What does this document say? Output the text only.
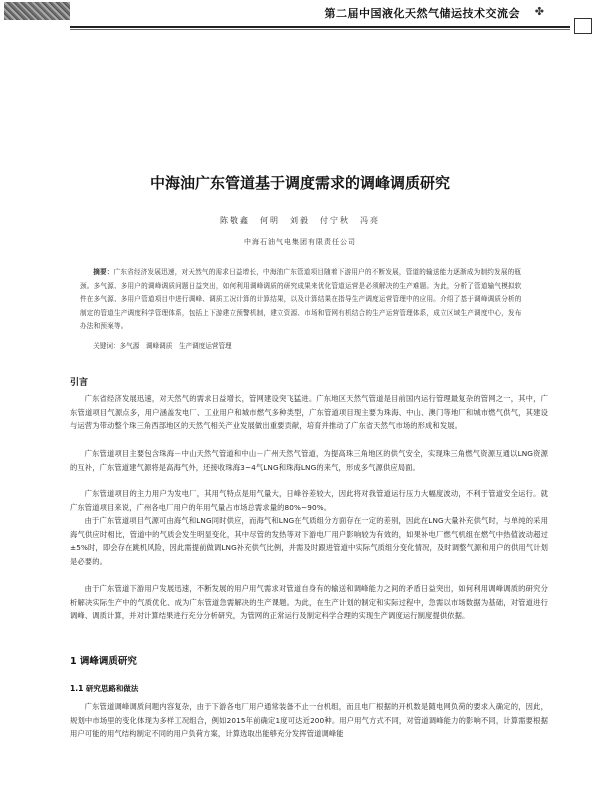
第二届中国液化天然气储运技术交流会 ✤
中海油广东管道基于调度需求的调峰调质研究
陈敬鑫　何明　刘毅　付宁秋　冯亮
中海石油气电集团有限责任公司
摘要：广东省经济发展迅速，对天然气的需求日益增长，中海油广东管道项目随着下游用户的不断发展，管道的输送能力逐渐成为制约发展的瓶颈。多气源、多用户的调峰调质问题日益突出，如何利用调峰调质的研究成果来优化管道运营是必须解决的生产难题。为此，分析了管道输气模拟软件在多气源、多用户管道项目中进行调峰、调质工况计算的计算结果，以及计算结果在指导生产调度运营管理中的应用。介绍了基于调峰调质分析的制定的管道生产调度科学管理体系，包括上下游建立预警机制，建立资源、市场和管网有机结合的生产运营管理体系，成立区域生产调度中心，发布办法和预案等。
关键词：多气源　调峰调质　生产调度运营管理
引言
广东省经济发展迅速，对天然气的需求日益增长，管网建设突飞猛进。广东地区天然气管道是目前国内运行管理最复杂的管网之一，其中，广东管道项目气源点多，用户涵盖发电厂、工业用户和城市燃气多种类型，广东管道项目现主要为珠海、中山、澳门等地厂和城市燃气供气，其建设与运营为带动整个珠三角西部地区的天然气相关产业发展做出重要贡献，培育并推动了广东省天然气市场的形成和发展。
广东管道项目主要包含珠海－中山天然气管道和中山－广州天然气管道，为提高珠三角地区的供气安全，实现珠三角燃气资源互通以LNG资源的互补，广东管道建气源将是高海气外，还接收珠海3~4气LNG和珠海LNG的来气，形成多气源供应局面。
广东管道项目的主力用户为发电厂，其用气特点是用气量大，日峰谷差较大，因此将对我管道运行压力大幅度波动，不利于管道安全运行。就广东管道项目来说，广州各电厂用户的年用气量占市场总需求量的80%~90%。
由于广东管道项目气源可由海气和LNG同时供应，而海气和LNG在气质组分方面存在一定的差别，因此在LNG大量补充供气时，与单纯的采用海气供应时相比，管道中的气质会发生明显变化，其中尽管的发热等对下游电厂用户影响较为有效的，如果补电厂燃气机组在燃气中热值波动超过±5%时，即会存在跳机风险，因此需提前做调LNG补充供气比例，并需及时跟进管道中实际气质组分变化情况，及时调整气源和用户的供用气计划是必要的。
由于广东管道下游用户发展迅速，不断发展的用户用气需求对管道自身有的输送和调峰能力之间的矛盾日益突出，如何利用调峰调质的研究分析解决实际生产中的气质优化、成为广东管道急需解决的生产课题。为此，在生产计划的制定和实际过程中，急需以市场数据为基础，对管道进行调峰、调质计算，并对计算结果进行充分分析研究，为管网的正常运行及制定科学合理的实现生产调度运行制度提供依据。
1 调峰调质研究
1.1 研究思路和做法
广东管道调峰调质问题内容复杂，由于下游各电厂用户通常装备不止一台机组，而且电厂根据的开机数是随电网负荷的要求入确定的，因此，规划中市场里的变化体现为多样工况组合，例如2015年前确定1度可达近200种。用户用气方式不同，对管道调峰能力的影响不同，计算需要根据用户可能的用气结构制定不同的用户负荷方案，计算选取出能够充分发挥管道调峰能
